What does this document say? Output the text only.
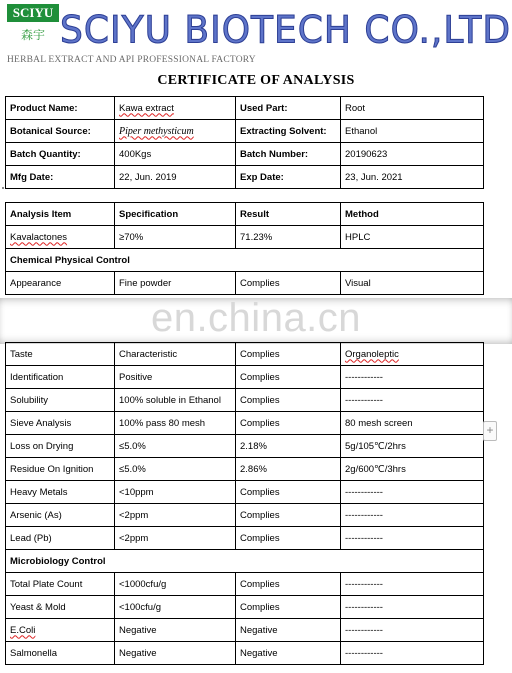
SCIYU
森宇 SCIYU BIOTECH CO.,LTD
HERBAL EXTRACT AND API PROFESSIONAL FACTORY
CERTIFICATE OF ANALYSIS
Product Name:	Kawa extract	Used Part:	Root
Botanical Source:	Piper methysticum	Extracting Solvent:	Ethanol
Batch Quantity:	400Kgs	Batch Number:	20190623
Mfg Date:	22, Jun. 2019	Exp Date:	23, Jun. 2021
Analysis Item	Specification	Result	Method
Kavalactones	≥70%	71.23%	HPLC
Chemical Physical Control			
Appearance	Fine powder	Complies	Visual
en.china.cn
Taste	Characteristic	Complies	Organoleptic
Identification	Positive	Complies	------------
Solubility	100% soluble in Ethanol	Complies	------------
Sieve Analysis	100% pass 80 mesh	Complies	80 mesh screen
Loss on Drying	≤5.0%	2.18%	5g/105℃/2hrs
Residue On Ignition	≤5.0%	2.86%	2g/600℃/3hrs
Heavy Metals	<10ppm	Complies	------------
Arsenic (As)	<2ppm	Complies	------------
Lead (Pb)	<2ppm	Complies	------------
Microbiology Control			
Total Plate Count	<1000cfu/g	Complies	------------
Yeast & Mold	<100cfu/g	Complies	------------
E.Coli	Negative	Negative	------------
Salmonella	Negative	Negative	------------
+
